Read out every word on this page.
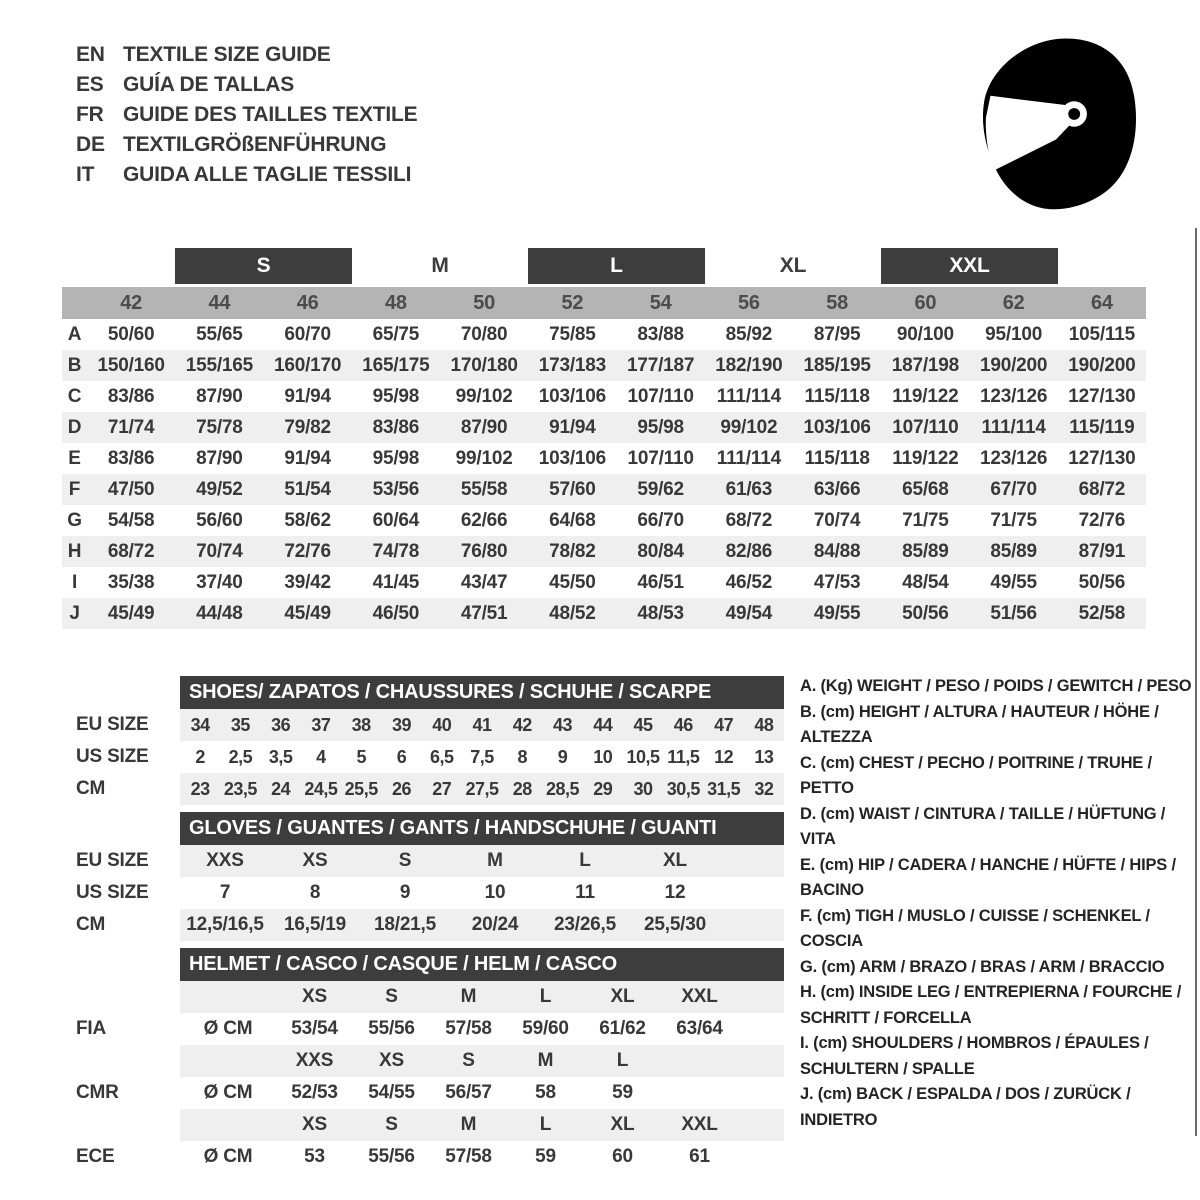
EN TEXTILE SIZE GUIDE
ES GUÍA DE TALLAS
FR GUIDE DES TAILLES TEXTILE
DE TEXTILGRÖßENFÜHRUNG
IT	GUIDA ALLE TAGLIE TESSILI
S	M	L	XL	XXL
42	44	46	48	50	52	54	56	58	60	62	64
A	50/60	55/65	60/70	65/75	70/80	75/85	83/88	85/92	87/95	90/100	95/100	105/115
B 150/160	155/165	160/170	165/175	170/180	173/183	177/187	182/190	185/195	187/198	190/200	190/200
C	83/86	87/90	91/94	95/98	99/102	103/106	107/110	111/114	115/118	119/122	123/126	127/130
D	71/74	75/78	79/82	83/86	87/90	91/94	95/98	99/102	103/106	107/110	111/114	115/119
E	83/86	87/90	91/94	95/98	99/102	103/106	107/110	111/114	115/118	119/122	123/126	127/130
F	47/50	49/52	51/54	53/56	55/58	57/60	59/62	61/63	63/66	65/68	67/70	68/72
G	54/58	56/60	58/62	60/64	62/66	64/68	66/70	68/72	70/74	71/75	71/75	72/76
H	68/72	70/74	72/76	74/78	76/80	78/82	80/84	82/86	84/88	85/89	85/89	87/91
I	35/38	37/40	39/42	41/45	43/47	45/50	46/51	46/52	47/53	48/54	49/55	50/56
J	45/49	44/48	45/49	46/50	47/51	48/52	48/53	49/54	49/55	50/56	51/56	52/58
SHOES/ ZAPATOS / CHAUSSURES / SCHUHE / SCARPE
EU SIZE	34	35	36	37	38	39	40	41	42	43	44	45	46	47	48
US SIZE	2	2,5 3,5	4	5	6	6,5 7,5	8	9	10 10,5 11,5 12	13
CM	23 23,5 24 24,5 25,5 26	27 27,5 28 28,5 29	30 30,5 31,5 32
GLOVES / GUANTES / GANTS / HANDSCHUHE / GUANTI
EU SIZE	XXS	XS	S	M	L	XL
US SIZE	7	8	9	10	11	12
CM	12,5/16,5	16,5/19	18/21,5	20/24	23/26,5	25,5/30
HELMET / CASCO / CASQUE / HELM / CASCO
XS	S	M	L	XL	XXL
FIA	Ø CM	53/54	55/56	57/58	59/60	61/62	63/64
XXS	XS	S	M	L
CMR	Ø CM	52/53	54/55	56/57	58	59
XS	S	M	L	XL	XXL
ECE	Ø CM	53	55/56	57/58	59	60	61
A. (Kg) WEIGHT / PESO / POIDS / GEWITCH / PESO
B. (cm) HEIGHT / ALTURA / HAUTEUR / HÖHE / ALTEZZA
C. (cm) CHEST / PECHO / POITRINE / TRUHE / PETTO
D. (cm) WAIST / CINTURA / TAILLE / HÜFTUNG / VITA
E. (cm) HIP / CADERA / HANCHE / HÜFTE / HIPS / BACINO
F. (cm) TIGH / MUSLO / CUISSE / SCHENKEL / COSCIA
G. (cm) ARM / BRAZO / BRAS / ARM / BRACCIO
H. (cm) INSIDE LEG / ENTREPIERNA / FOURCHE / SCHRITT / FORCELLA
I. (cm) SHOULDERS / HOMBROS / ÉPAULES / SCHULTERN / SPALLE
J. (cm) BACK / ESPALDA / DOS / ZURÜCK / INDIETRO
